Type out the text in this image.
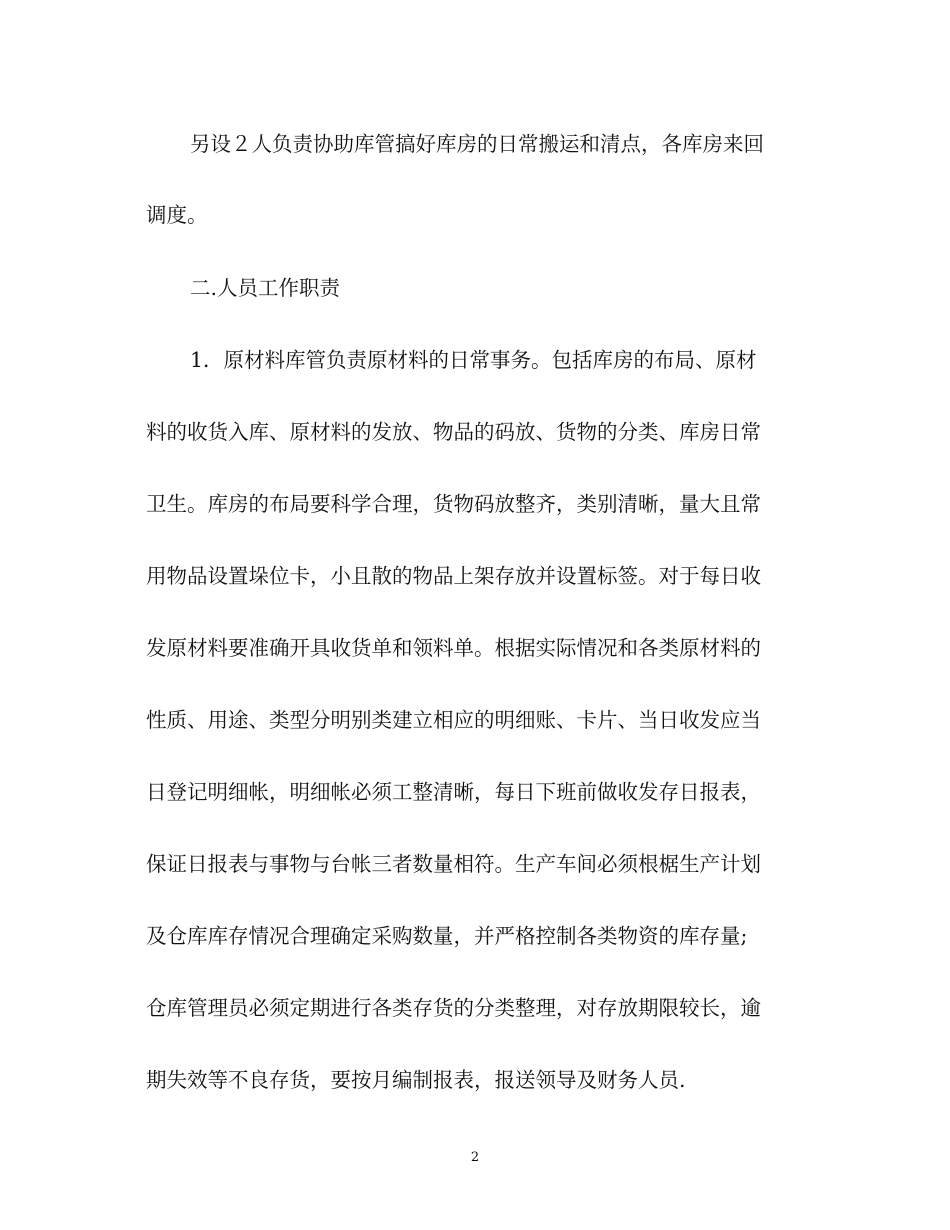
另设２人负责协助库管搞好库房的日常搬运和清点，各库房来回
调度。
二.人员工作职责
1．原材料库管负责原材料的日常事务。包括库房的布局、原材
料的收货入库、原材料的发放、物品的码放、货物的分类、库房日常
卫生。库房的布局要科学合理，货物码放整齐，类别清晰，量大且常
用物品设置垛位卡，小且散的物品上架存放并设置标签。对于每日收
发原材料要准确开具收货单和领料单。根据实际情况和各类原材料的
性质、用途、类型分明别类建立相应的明细账、卡片、当日收发应当
日登记明细帐，明细帐必须工整清晰，每日下班前做收发存日报表，
保证日报表与事物与台帐三者数量相符。生产车间必须根椐生产计划
及仓库库存情况合理确定采购数量，并严格控制各类物资的库存量;
仓库管理员必须定期进行各类存货的分类整理，对存放期限较长，逾
期失效等不良存货，要按月编制报表，报送领导及财务人员.
2
